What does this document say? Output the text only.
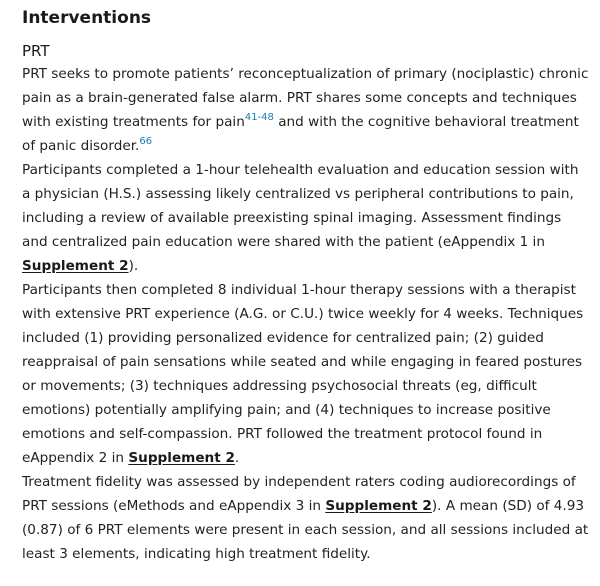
Interventions
PRT

PRT seeks to promote patients’ reconceptualization of primary (nociplastic) chronic pain as a brain-generated false alarm. PRT shares some concepts and techniques with existing treatments for pain$^{41-48}$ and with the cognitive behavioral treatment of panic disorder.$^{66}$

Participants completed a 1-hour telehealth evaluation and education session with a physician (H.S.) assessing likely centralized vs peripheral contributions to pain, including a review of available preexisting spinal imaging. Assessment findings and centralized pain education were shared with the patient (eAppendix 1 in Supplement 2).

Participants then completed 8 individual 1-hour therapy sessions with a therapist with extensive PRT experience (A.G. or C.U.) twice weekly for 4 weeks. Techniques included (1) providing personalized evidence for centralized pain; (2) guided reappraisal of pain sensations while seated and while engaging in feared postures or movements; (3) techniques addressing psychosocial threats (eg, difficult emotions) potentially amplifying pain; and (4) techniques to increase positive emotions and self-compassion. PRT followed the treatment protocol found in eAppendix 2 in Supplement 2.

Treatment fidelity was assessed by independent raters coding audiorecordings of PRT sessions (eMethods and eAppendix 3 in Supplement 2). A mean (SD) of 4.93 (0.87) of 6 PRT elements were present in each session, and all sessions included at least 3 elements, indicating high treatment fidelity.
